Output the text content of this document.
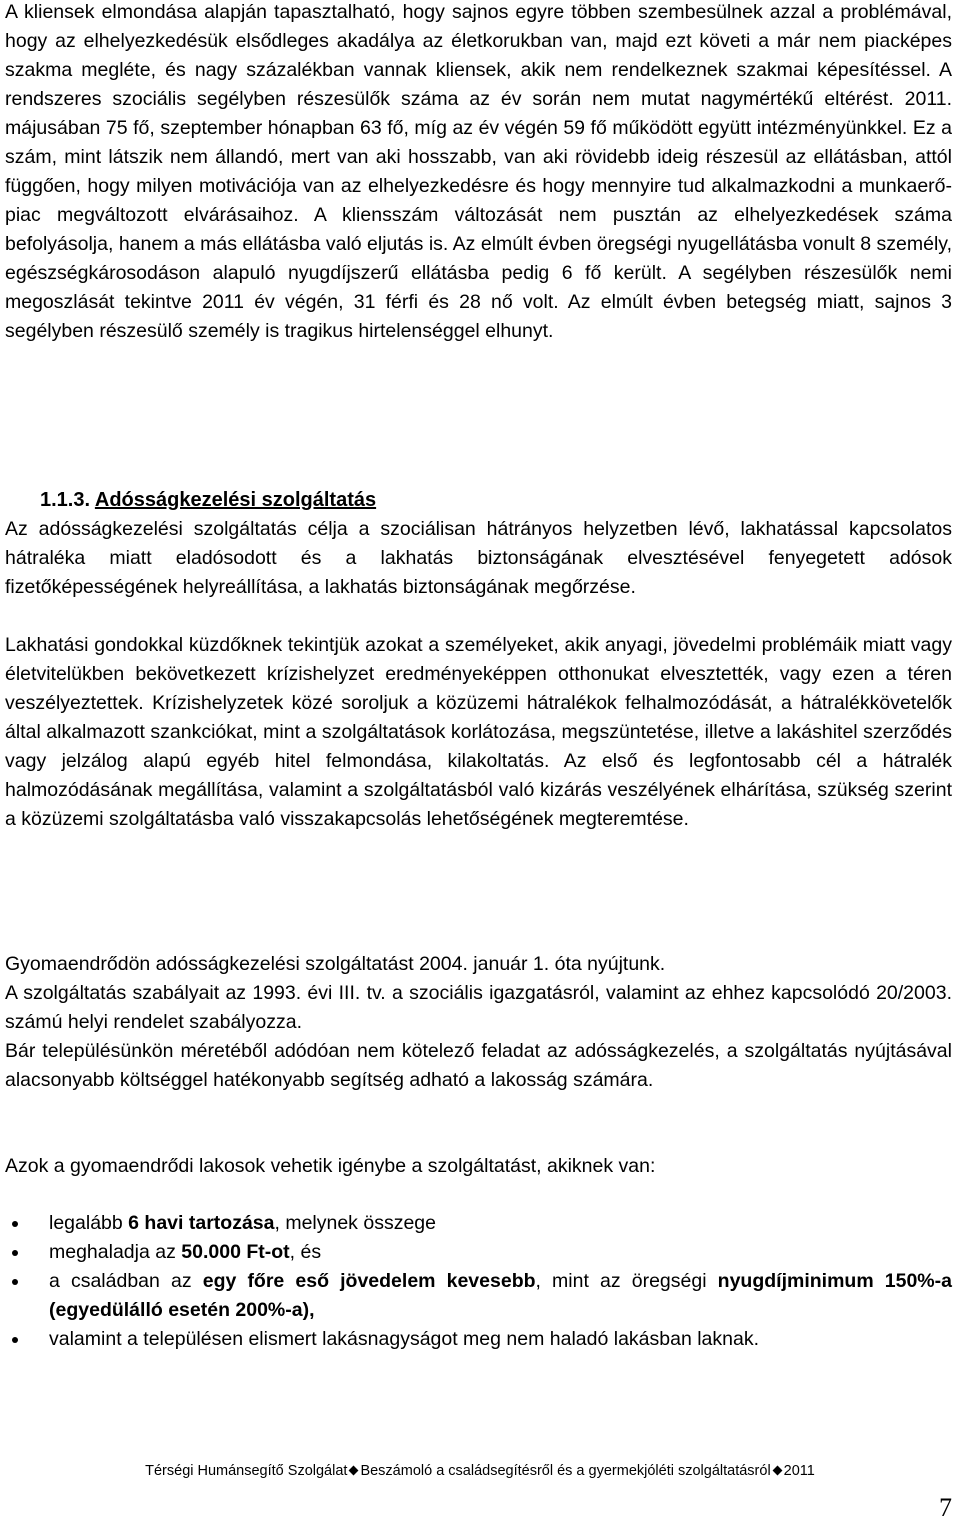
A kliensek elmondása alapján tapasztalható, hogy sajnos egyre többen szembesülnek azzal a problémával, hogy az elhelyezkedésük elsődleges akadálya az életkorukban van, majd ezt követi a már nem piacképes szakma megléte, és nagy százalékban vannak kliensek, akik nem rendelkeznek szakmai képesítéssel. A rendszeres szociális segélyben részesülők száma az év során nem mutat nagymértékű eltérést. 2011. májusában 75 fő, szeptember hónapban 63 fő, míg az év végén 59 fő működött együtt intézményünkkel. Ez a szám, mint látszik nem állandó, mert van aki hosszabb, van aki rövidebb ideig részesül az ellátásban, attól függően, hogy milyen motivációja van az elhelyezkedésre és hogy mennyire tud alkalmazkodni a munkaerő-piac megváltozott elvárásaihoz. A kliensszám változását nem pusztán az elhelyezkedések száma befolyásolja, hanem a más ellátásba való eljutás is. Az elmúlt évben öregségi nyugellátásba vonult 8 személy, egészségkárosodáson alapuló nyugdíjszerű ellátásba pedig 6 fő került. A segélyben részesülők nemi megoszlását tekintve 2011 év végén, 31 férfi és 28 nő volt. Az elmúlt évben betegség miatt, sajnos 3 segélyben részesülő személy is tragikus hirtelenséggel elhunyt.

1.1.3. Adósságkezelési szolgáltatás

Az adósságkezelési szolgáltatás célja a szociálisan hátrányos helyzetben lévő, lakhatással kapcsolatos hátraléka miatt eladósodott és a lakhatás biztonságának elvesztésével fenyegetett adósok fizetőképességének helyreállítása, a lakhatás biztonságának megőrzése.

Lakhatási gondokkal küzdőknek tekintjük azokat a személyeket, akik anyagi, jövedelmi problémáik miatt vagy életvitelükben bekövetkezett krízishelyzet eredményeképpen otthonukat elvesztették, vagy ezen a téren veszélyeztettek. Krízishelyzetek közé soroljuk a közüzemi hátralékok felhalmozódását, a hátralékkövetelők által alkalmazott szankciókat, mint a szolgáltatások korlátozása, megszüntetése, illetve a lakáshitel szerződés vagy jelzálog alapú egyéb hitel felmondása, kilakoltatás. Az első és legfontosabb cél a hátralék halmozódásának megállítása, valamint a szolgáltatásból való kizárás veszélyének elhárítása, szükség szerint a közüzemi szolgáltatásba való visszakapcsolás lehetőségének megteremtése.

Gyomaendrődön adósságkezelési szolgáltatást 2004. január 1. óta nyújtunk.

A szolgáltatás szabályait az 1993. évi III. tv. a szociális igazgatásról, valamint az ehhez kapcsolódó 20/2003. számú helyi rendelet szabályozza.

Bár településünkön méretéből adódóan nem kötelező feladat az adósságkezelés, a szolgáltatás nyújtásával alacsonyabb költséggel hatékonyabb segítség adható a lakosság számára.

Azok a gyomaendrődi lakosok vehetik igénybe a szolgáltatást, akiknek van:

legalább 6 havi tartozása, melynek összege
meghaladja az 50.000 Ft-ot, és
a családban az egy főre eső jövedelem kevesebb, mint az öregségi nyugdíjminimum 150%-a (egyedülálló esetén 200%-a),
valamint a településen elismert lakásnagyságot meg nem haladó lakásban laknak.
Térségi Humánsegítő Szolgálat Beszámoló a családsegítésről és a gyermekjóléti szolgáltatásról 2011
7
